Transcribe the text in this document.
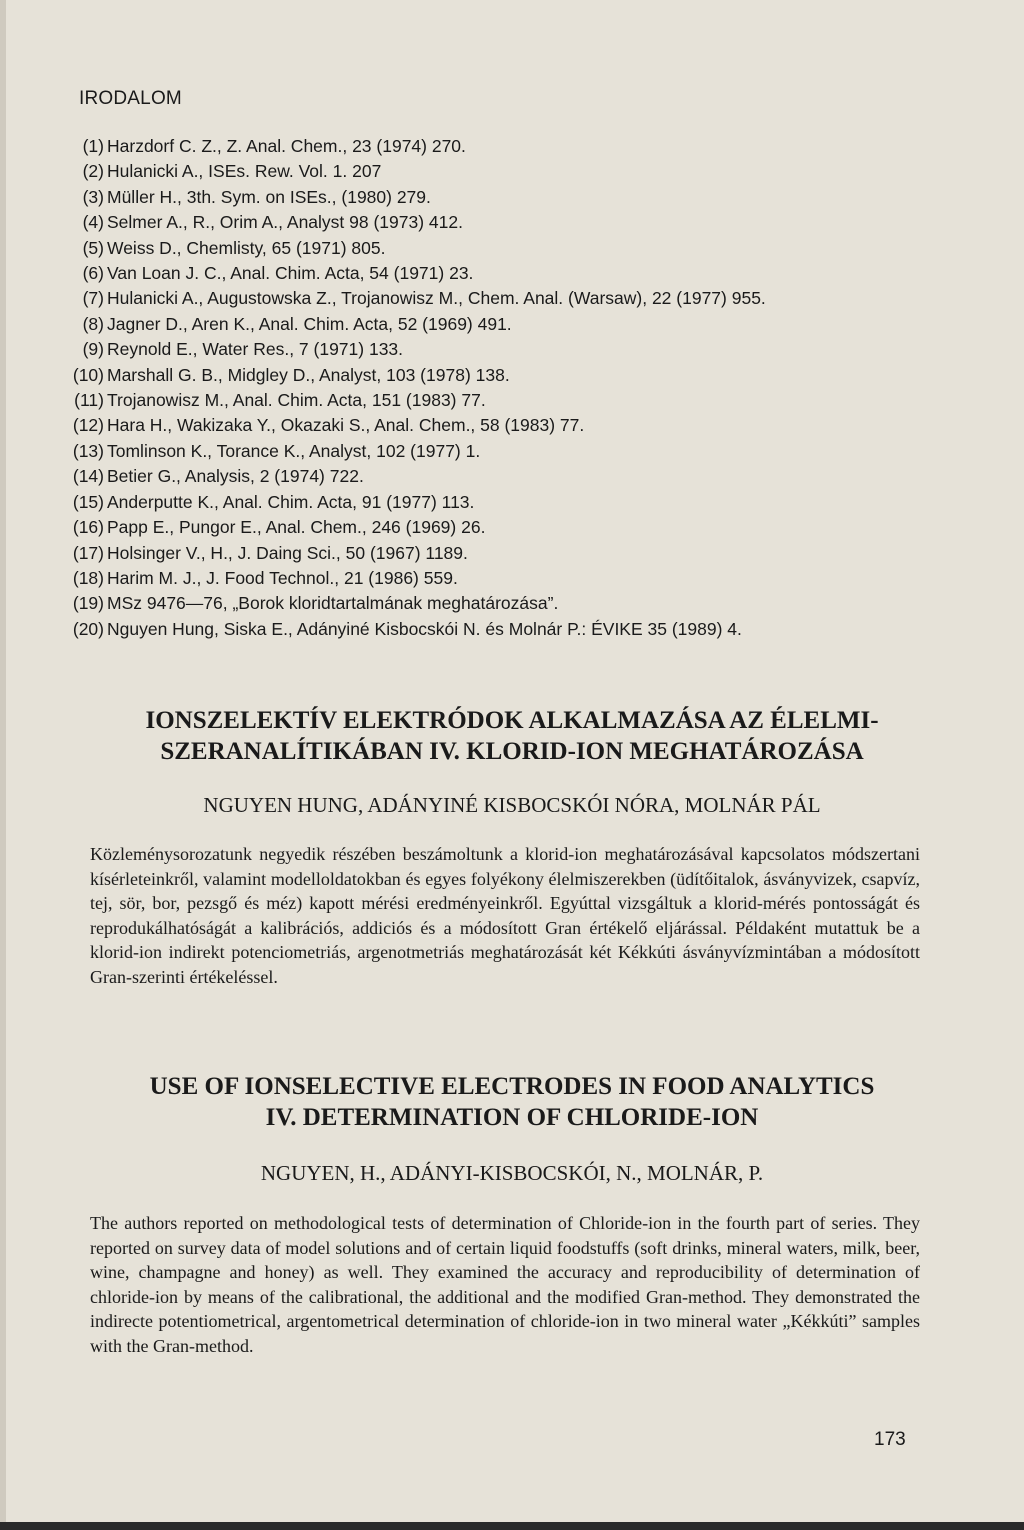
IRODALOM
(1) Harzdorf C. Z., Z. Anal. Chem., 23 (1974) 270.
(2) Hulanicki A., ISEs. Rew. Vol. 1. 207
(3) Müller H., 3th. Sym. on ISEs., (1980) 279.
(4) Selmer A., R., Orim A., Analyst 98 (1973) 412.
(5) Weiss D., Chemlisty, 65 (1971) 805.
(6) Van Loan J. C., Anal. Chim. Acta, 54 (1971) 23.
(7) Hulanicki A., Augustowska Z., Trojanowisz M., Chem. Anal. (Warsaw), 22 (1977) 955.
(8) Jagner D., Aren K., Anal. Chim. Acta, 52 (1969) 491.
(9) Reynold E., Water Res., 7 (1971) 133.
(10) Marshall G. B., Midgley D., Analyst, 103 (1978) 138.
(11) Trojanowisz M., Anal. Chim. Acta, 151 (1983) 77.
(12) Hara H., Wakizaka Y., Okazaki S., Anal. Chem., 58 (1983) 77.
(13) Tomlinson K., Torance K., Analyst, 102 (1977) 1.
(14) Betier G., Analysis, 2 (1974) 722.
(15) Anderputte K., Anal. Chim. Acta, 91 (1977) 113.
(16) Papp E., Pungor E., Anal. Chem., 246 (1969) 26.
(17) Holsinger V., H., J. Daing Sci., 50 (1967) 1189.
(18) Harim M. J., J. Food Technol., 21 (1986) 559.
(19) MSz 9476—76, „Borok kloridtartalmának meghatározása”.
(20) Nguyen Hung, Siska E., Adányiné Kisbocskói N. és Molnár P.: ÉVIKE 35 (1989) 4.
IONSZELEKTÍV ELEKTRÓDOK ALKALMAZÁSA AZ ÉLELMI-
SZERANALÍTIKÁBAN IV. KLORID-ION MEGHATÁROZÁSA
NGUYEN HUNG, ADÁNYINÉ KISBOCSKÓI NÓRA, MOLNÁR PÁL
Közleménysorozatunk negyedik részében beszámoltunk a klorid-ion meghatározásával kapcsolatos módszertani kísérleteinkről, valamint modelloldatokban és egyes folyékony élelmiszerekben (üdítőitalok, ásványvizek, csapvíz, tej, sör, bor, pezsgő és méz) kapott mérési eredményeinkről. Egyúttal vizsgáltuk a klorid-mérés pontosságát és reprodukálhatóságát a kalibrációs, addiciós és a módosított Gran értékelő eljárással. Példaként mutattuk be a klorid-ion indirekt potenciometriás, argenotmetriás meghatározását két Kékkúti ásványvízmintában a módosított Gran-szerinti értékeléssel.
USE OF IONSELECTIVE ELECTRODES IN FOOD ANALYTICS
IV. DETERMINATION OF CHLORIDE-ION
NGUYEN, H., ADÁNYI-KISBOCSKÓI, N., MOLNÁR, P.
The authors reported on methodological tests of determination of Chloride-ion in the fourth part of series. They reported on survey data of model solutions and of certain liquid foodstuffs (soft drinks, mineral waters, milk, beer, wine, champagne and honey) as well. They examined the accuracy and reproducibility of determination of chloride-ion by means of the calibrational, the additional and the modified Gran-method. They demonstrated the indirecte potentiometrical, argentometrical determination of chloride-ion in two mineral water „Kékkúti” samples with the Gran-method.
173
